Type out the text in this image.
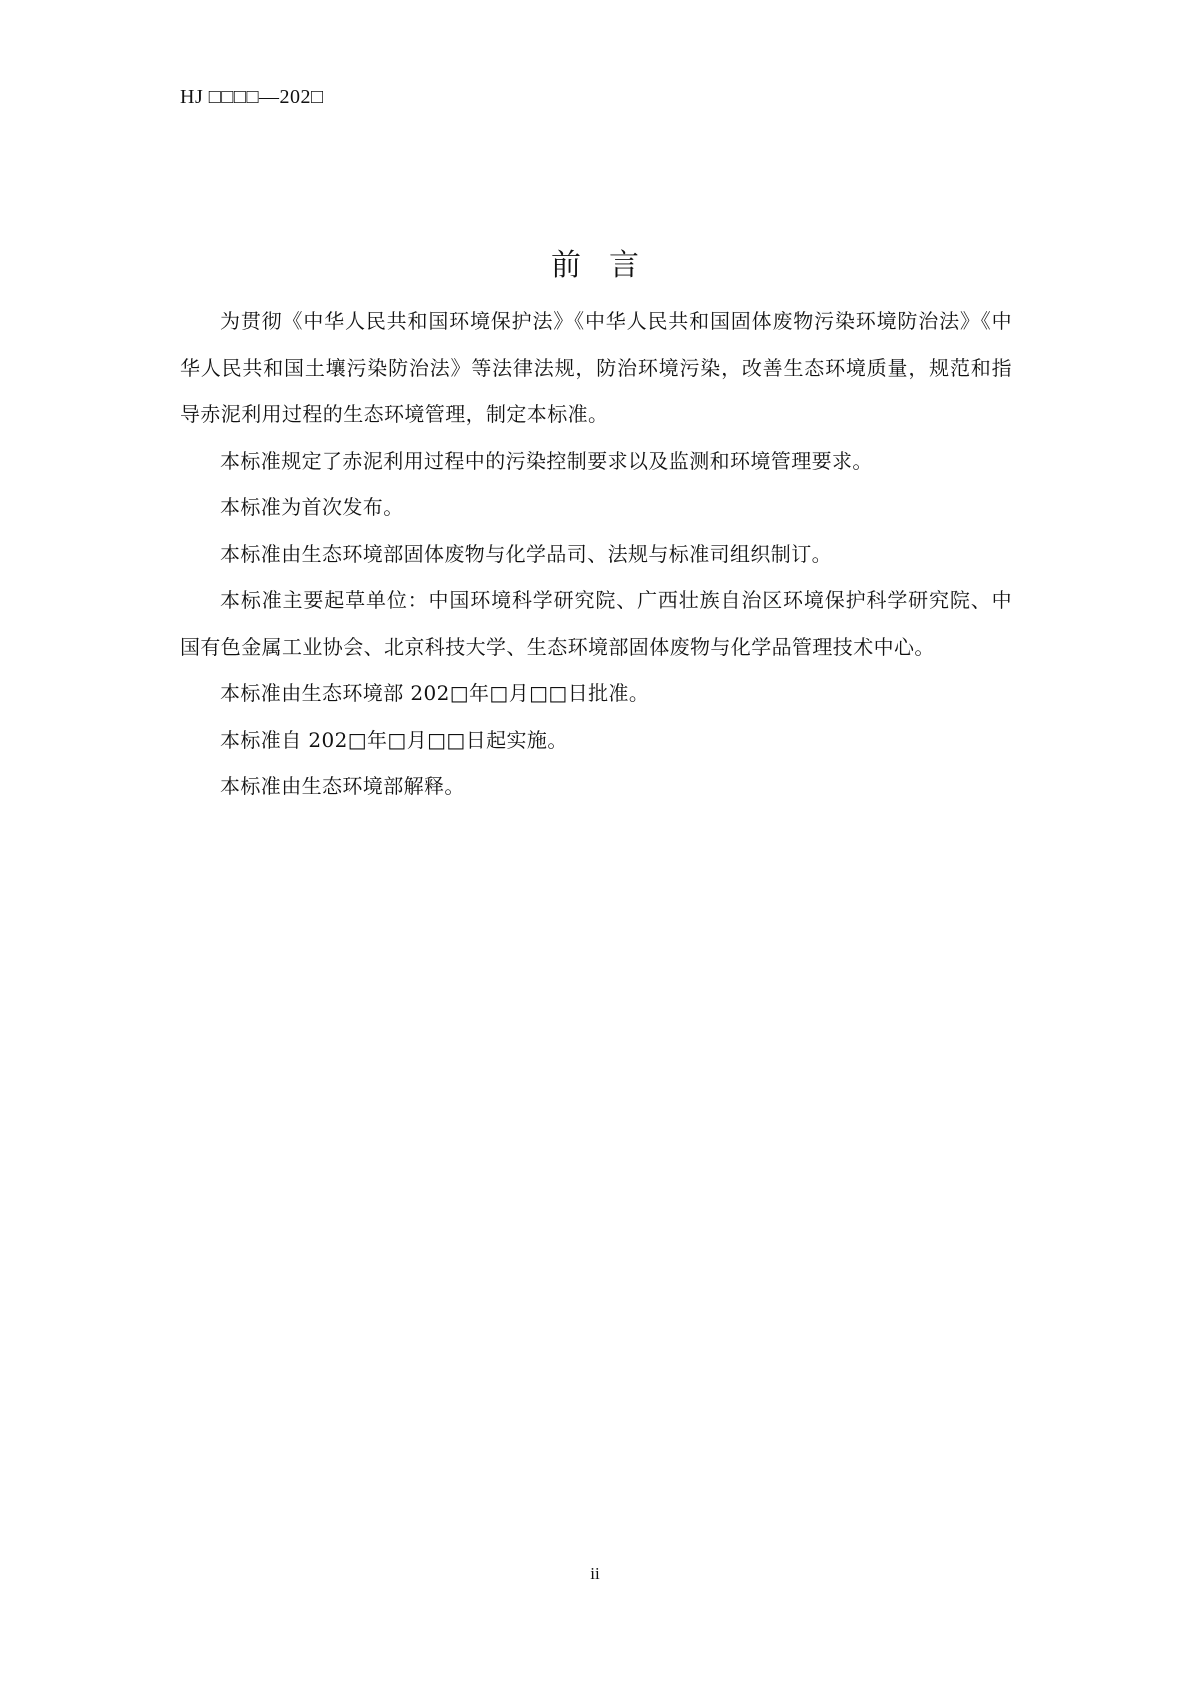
HJ □□□□—202□
前言

为贯彻《中华人民共和国环境保护法》《中华人民共和国固体废物污染环境防治法》《中华人民共和国土壤污染防治法》等法律法规，防治环境污染，改善生态环境质量，规范和指导赤泥利用过程的生态环境管理，制定本标准。

本标准规定了赤泥利用过程中的污染控制要求以及监测和环境管理要求。

本标准为首次发布。

本标准由生态环境部固体废物与化学品司、法规与标准司组织制订。

本标准主要起草单位：中国环境科学研究院、广西壮族自治区环境保护科学研究院、中国有色金属工业协会、北京科技大学、生态环境部固体废物与化学品管理技术中心。

本标准由生态环境部 202□年□月□□日批准。

本标准自 202□年□月□□日起实施。

本标准由生态环境部解释。

ii
